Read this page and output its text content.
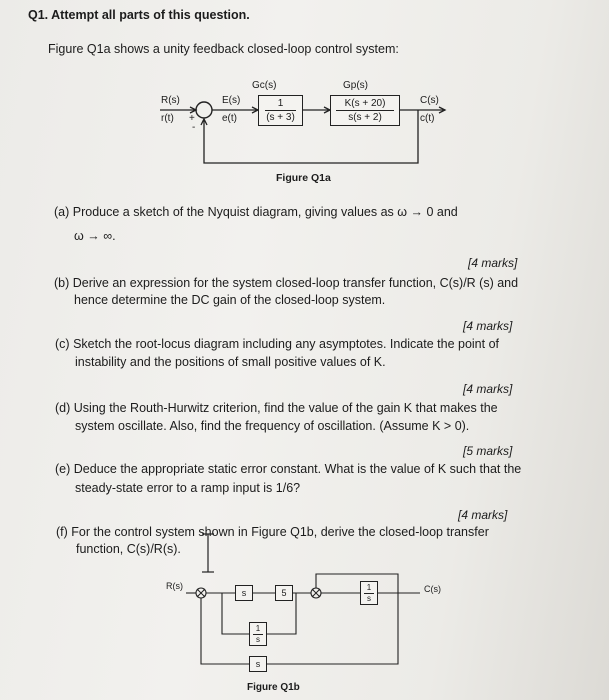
Q1. Attempt all parts of this question.
Figure Q1a shows a unity feedback closed-loop control system:
Gc(s)	Gp(s)
$\frac{1}{(s + 3)}$	$\frac{K(s + 20)}{s(s + 2)}$
R(s)
r(t) +
-
E(s)
e(t)
C(s)
c(t)
Figure Q1a
(a) Produce a sketch of the Nyquist diagram, giving values as ω → 0 and
ω → ∞.
[4 marks]
(b) Derive an expression for the system closed-loop transfer function, C(s)/R (s) and
hence determine the DC gain of the closed-loop system.
[4 marks]
(c) Sketch the root-locus diagram including any asymptotes. Indicate the point of
instability and the positions of small positive values of K.
[4 marks]
(d) Using the Routh-Hurwitz criterion, find the value of the gain K that makes the
system oscillate. Also, find the frequency of oscillation. (Assume K > 0).
[5 marks]
(e) Deduce the appropriate static error constant. What is the value of K such that the
steady-state error to a ramp input is 1/6?
[4 marks]
(f) For the control system shown in Figure Q1b, derive the closed-loop transfer
function, C(s)/R(s).
R(s)	C(s)
s	5	$\frac{1}{s}$
$\frac{1}{s}$
s
Figure Q1b
